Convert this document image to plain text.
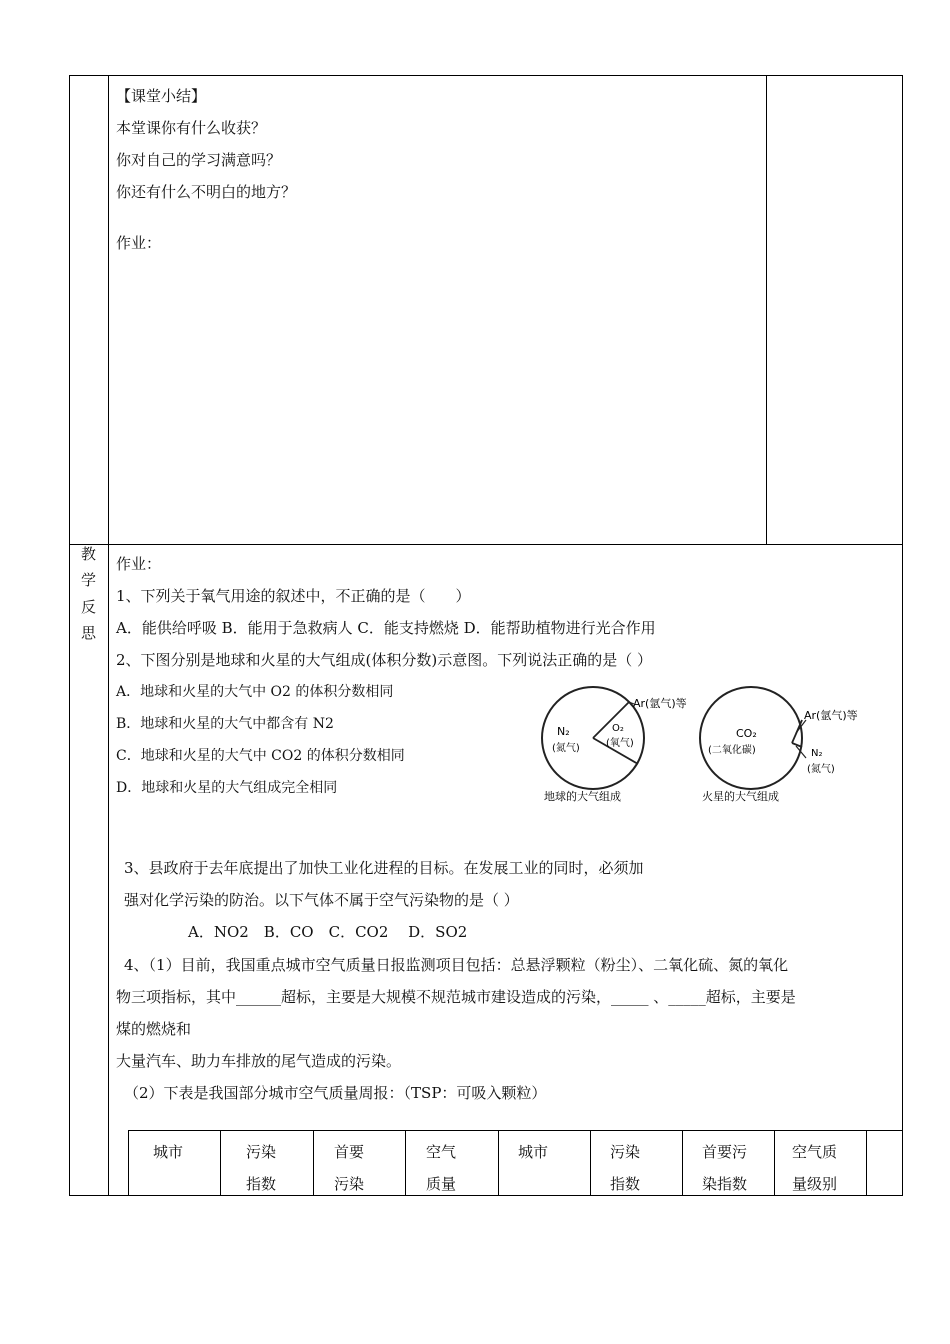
【课堂小结】
本堂课你有什么收获？
你对自己的学习满意吗？
你还有什么不明白的地方？
作业：
教
学
反
思
作业：
1、下列关于氧气用途的叙述中，不正确的是（　　）
A．能供给呼吸 B．能用于急救病人 C．能支持燃烧 D．能帮助植物进行光合作用
2、下图分别是地球和火星的大气组成(体积分数)示意图。下列说法正确的是（ ）
A．地球和火星的大气中 O2 的体积分数相同
B．地球和火星的大气中都含有 N2
C．地球和火星的大气中 CO2 的体积分数相同
D．地球和火星的大气组成完全相同
N₂
(氮气)
O₂
(氧气)
Ar(氩气)等
地球的大气组成
CO₂
(二氧化碳)
Ar(氩气)等
N₂
(氮气)
火星的大气组成
3、县政府于去年底提出了加快工业化进程的目标。在发展工业的同时，必须加
强对化学污染的防治。以下气体不属于空气污染物的是（ ）
A．NO2　B．CO　C．CO2　 D．SO2
4、（1）目前，我国重点城市空气质量日报监测项目包括：总悬浮颗粒（粉尘）、二氧化硫、氮的氧化
物三项指标，其中______超标，主要是大规模不规范城市建设造成的污染，_____ 、_____超标，主要是
煤的燃烧和
大量汽车、助力车排放的尾气造成的污染。
（2）下表是我国部分城市空气质量周报：（TSP：可吸入颗粒）
城市	污染
指数
首要
污染
空气
质量
城市	污染
指数
首要污
染指数
空气质
量级别
